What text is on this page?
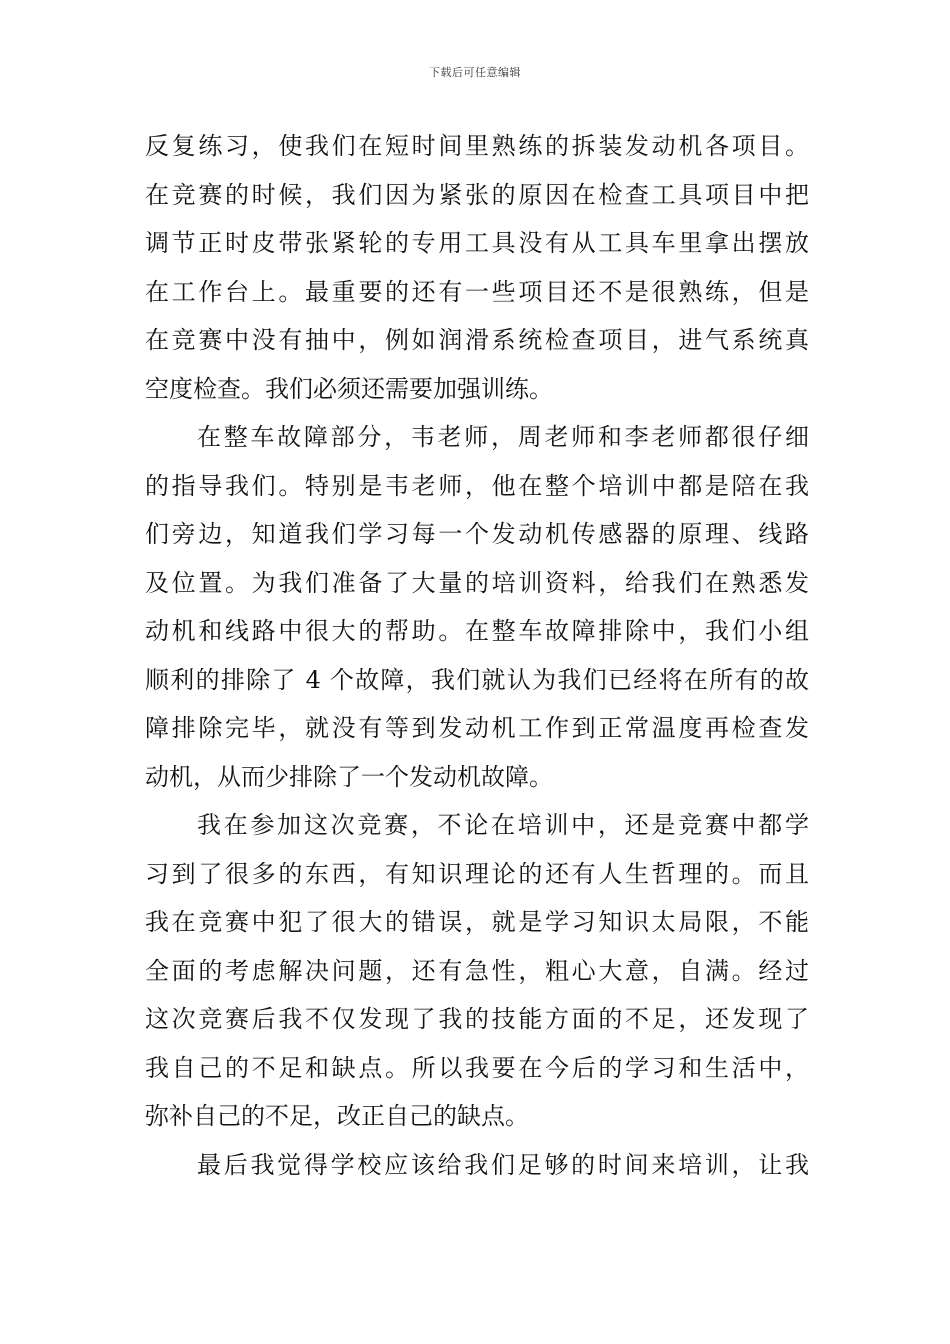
下载后可任意编辑
反复练习，使我们在短时间里熟练的拆装发动机各项目。
在竞赛的时候，我们因为紧张的原因在检查工具项目中把
调节正时皮带张紧轮的专用工具没有从工具车里拿出摆放
在工作台上。最重要的还有一些项目还不是很熟练，但是
在竞赛中没有抽中，例如润滑系统检查项目，进气系统真
空度检查。我们必须还需要加强训练。
在整车故障部分，韦老师，周老师和李老师都很仔细
的指导我们。特别是韦老师，他在整个培训中都是陪在我
们旁边，知道我们学习每一个发动机传感器的原理、线路
及位置。为我们准备了大量的培训资料，给我们在熟悉发
动机和线路中很大的帮助。在整车故障排除中，我们小组
顺利的排除了 4 个故障，我们就认为我们已经将在所有的故
障排除完毕，就没有等到发动机工作到正常温度再检查发
动机，从而少排除了一个发动机故障。
我在参加这次竞赛，不论在培训中，还是竞赛中都学
习到了很多的东西，有知识理论的还有人生哲理的。而且
我在竞赛中犯了很大的错误，就是学习知识太局限，不能
全面的考虑解决问题，还有急性，粗心大意，自满。经过
这次竞赛后我不仅发现了我的技能方面的不足，还发现了
我自己的不足和缺点。所以我要在今后的学习和生活中，
弥补自己的不足，改正自己的缺点。
最后我觉得学校应该给我们足够的时间来培训，让我
